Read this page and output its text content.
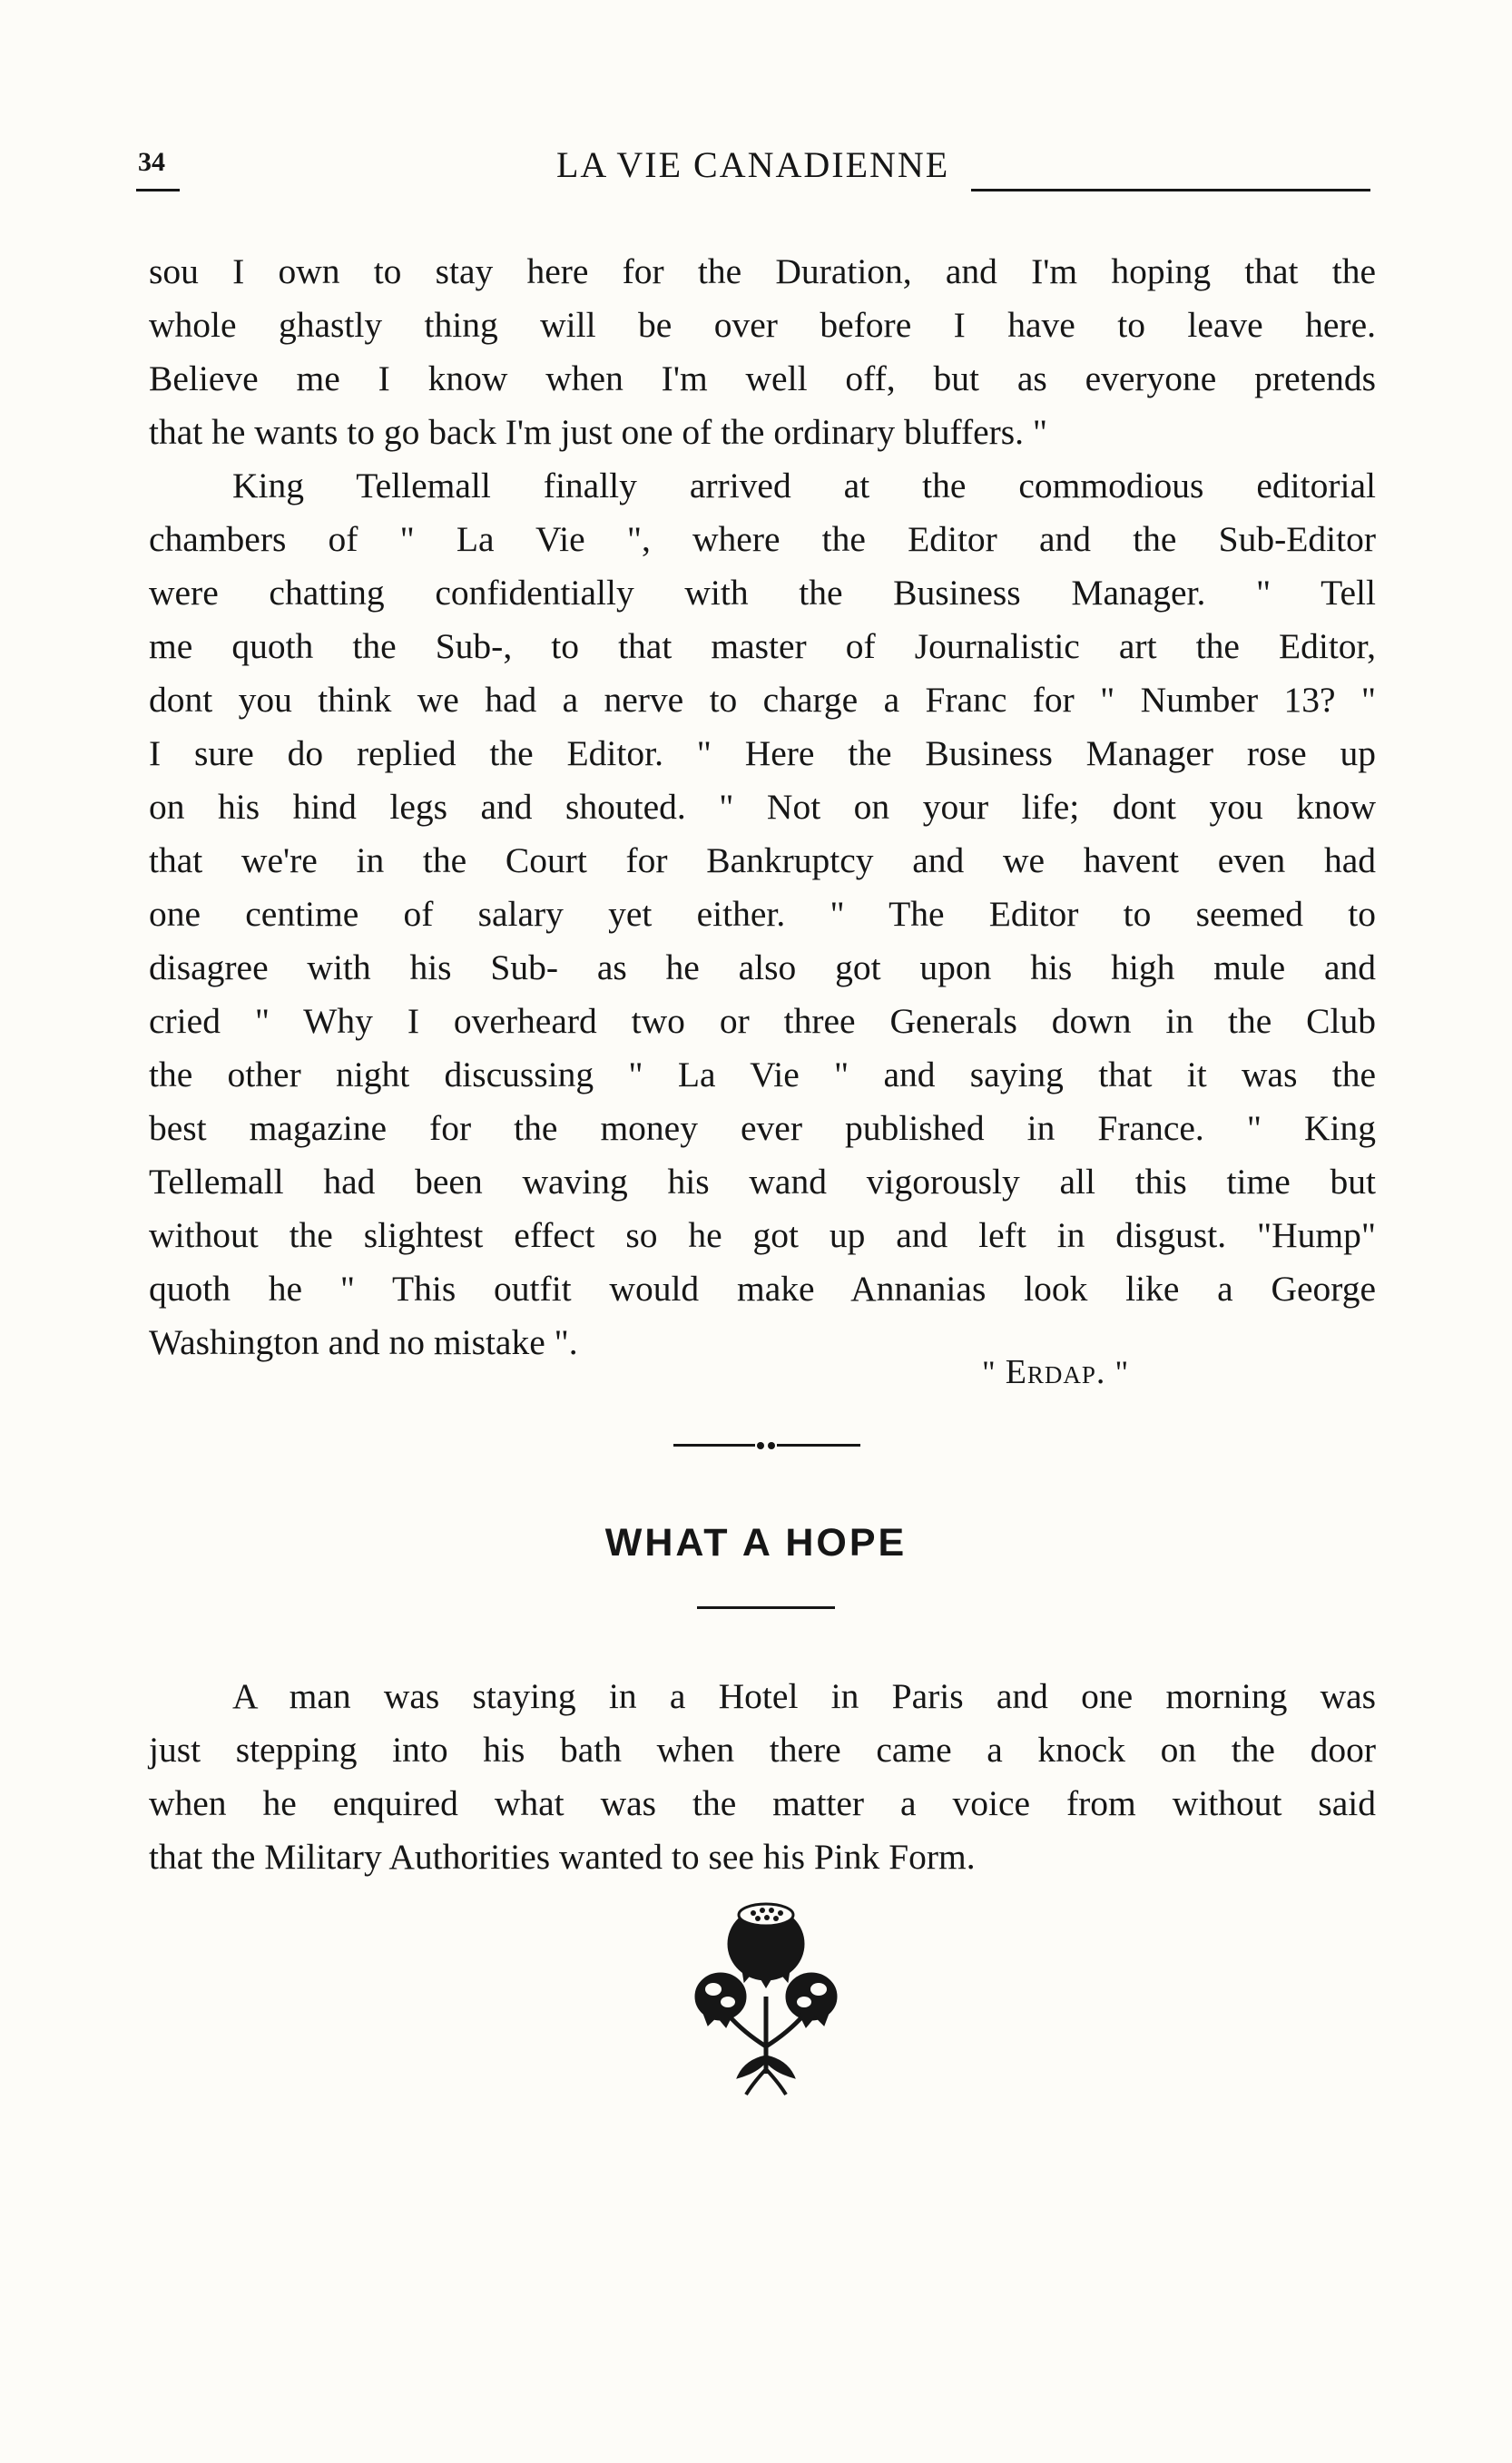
34	LA VIE CANADIENNE

sou I own to stay here for the Duration, and I'm hoping that the

whole ghastly thing will be over before I have to leave here.

Believe me I know when I'm well off, but as everyone pretends

that he wants to go back I'm just one of the ordinary bluffers. "

King Tellemall finally arrived at the commodious editorial

chambers of " La Vie ", where the Editor and the Sub-Editor

were chatting confidentially with the Business Manager. " Tell

me quoth the Sub-, to that master of Journalistic art the Editor,

dont you think we had a nerve to charge a Franc for " Number 13? "

I sure do replied the Editor. " Here the Business Manager rose up

on his hind legs and shouted. " Not on your life; dont you know

that we're in the Court for Bankruptcy and we havent even had

one centime of salary yet either. " The Editor to seemed to

disagree with his Sub- as he also got upon his high mule and

cried " Why I overheard two or three Generals down in the Club

the other night discussing " La Vie " and saying that it was the

best magazine for the money ever published in France. " King

Tellemall had been waving his wand vigorously all this time but

without the slightest effect so he got up and left in disgust. "Hump"

quoth he " This outfit would make Annanias look like a George

Washington and no mistake ".

" Erdap. "
WHAT A HOPE

A man was staying in a Hotel in Paris and one morning was

just stepping into his bath when there came a knock on the door

when he enquired what was the matter a voice from without said

that the Military Authorities wanted to see his Pink Form.
